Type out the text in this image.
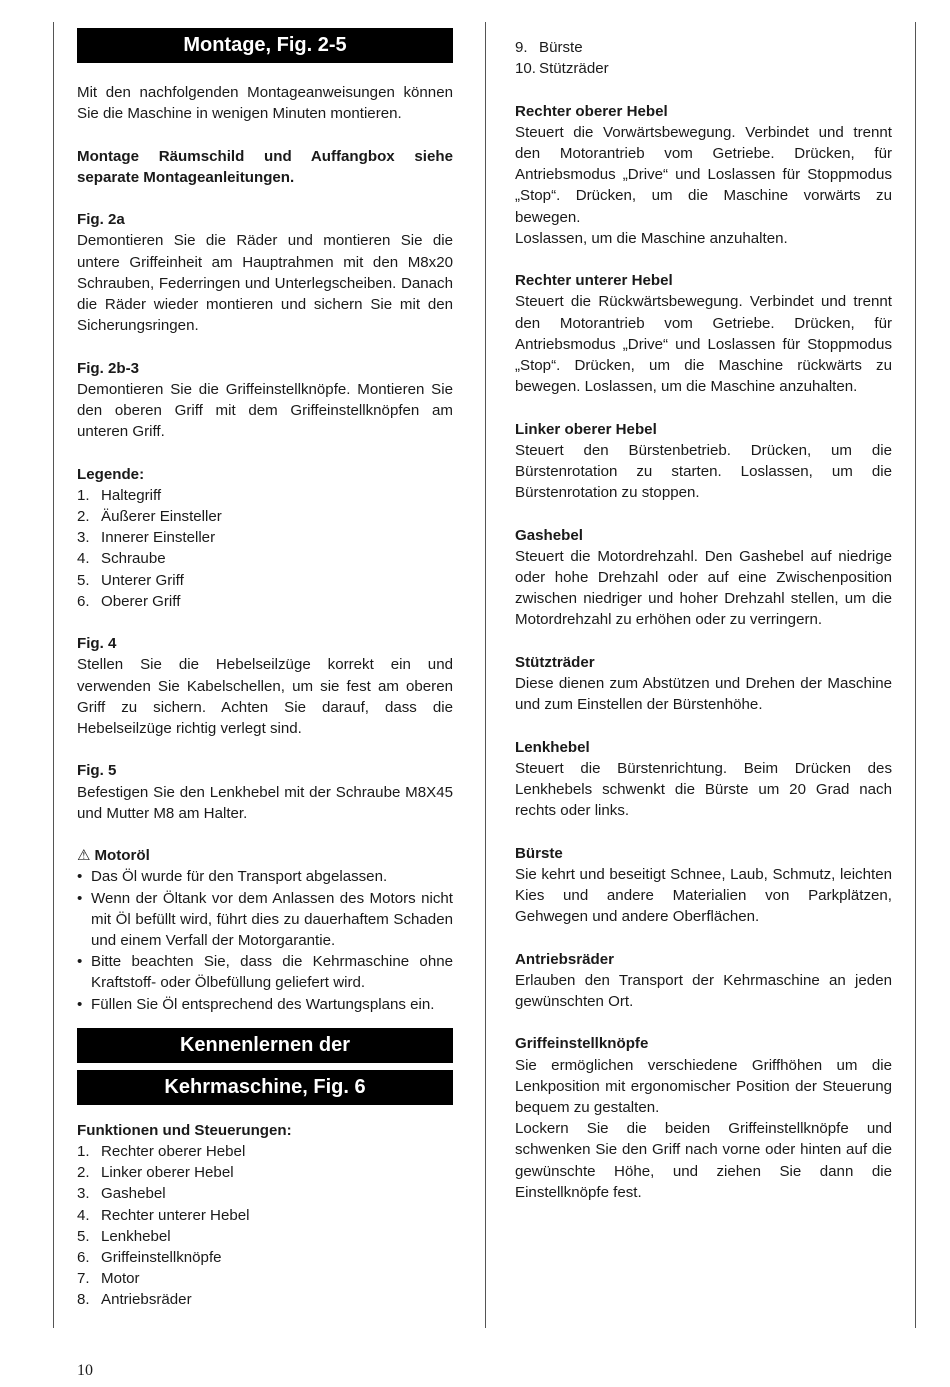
Montage, Fig. 2-5

Mit den nachfolgenden Montageanweisungen können Sie die Maschine in wenigen Minuten montieren.

Montage Räumschild und Auffangbox siehe separate Montageanleitungen.

Fig. 2a

Demontieren Sie die Räder und montieren Sie die untere Griffeinheit am Hauptrahmen mit den M8x20 Schrauben, Federringen und Unterlegscheiben. Danach die Räder wieder montieren und sichern Sie mit den Sicherungsringen.

Fig. 2b-3

Demontieren Sie die Griffeinstellknöpfe. Montieren Sie den oberen Griff mit dem Griffeinstellknöpfen am unteren Griff.

Legende:

1. Haltegriff
2. Äußerer Einsteller
3. Innerer Einsteller
4. Schraube
5. Unterer Griff
6. Oberer Griff

Fig. 4

Stellen Sie die Hebelseilzüge korrekt ein und verwenden Sie Kabelschellen, um sie fest am oberen Griff zu sichern. Achten Sie darauf, dass die Hebelseilzüge richtig verlegt sind.

Fig. 5

Befestigen Sie den Lenkhebel mit der Schraube M8X45 und Mutter M8 am Halter.

⚠ Motoröl

• Das Öl wurde für den Transport abgelassen.
• Wenn der Öltank vor dem Anlassen des Motors nicht mit Öl befüllt wird, führt dies zu dauerhaftem Schaden und einem Verfall der Motorgarantie.
• Bitte beachten Sie, dass die Kehrmaschine ohne Kraftstoff- oder Ölbefüllung geliefert wird.
• Füllen Sie Öl entsprechend des Wartungsplans ein.
Kennenlernen der
Kehrmaschine, Fig. 6

Funktionen und Steuerungen:

1. Rechter oberer Hebel
2. Linker oberer Hebel
3. Gashebel
4. Rechter unterer Hebel
5. Lenkhebel
6. Griffeinstellknöpfe
7. Motor
8. Antriebsräder
9. Bürste
10. Stützräder

Rechter oberer Hebel

Steuert die Vorwärtsbewegung. Verbindet und trennt den Motorantrieb vom Getriebe. Drücken, für Antriebsmodus „Drive“ und Loslassen für Stoppmodus „Stop“. Drücken, um die Maschine vorwärts zu bewegen.

Loslassen, um die Maschine anzuhalten.

Rechter unterer Hebel

Steuert die Rückwärtsbewegung. Verbindet und trennt den Motorantrieb vom Getriebe. Drücken, für Antriebsmodus „Drive“ und Loslassen für Stoppmodus „Stop“. Drücken, um die Maschine rückwärts zu bewegen. Loslassen, um die Maschine anzuhalten.

Linker oberer Hebel

Steuert den Bürstenbetrieb. Drücken, um die Bürstenrotation zu starten. Loslassen, um die Bürstenrotation zu stoppen.

Gashebel

Steuert die Motordrehzahl. Den Gashebel auf niedrige oder hohe Drehzahl oder auf eine Zwischenposition zwischen niedriger und hoher Drehzahl stellen, um die Motordrehzahl zu erhöhen oder zu verringern.

Stützträder

Diese dienen zum Abstützen und Drehen der Maschine und zum Einstellen der Bürstenhöhe.

Lenkhebel

Steuert die Bürstenrichtung. Beim Drücken des Lenkhebels schwenkt die Bürste um 20 Grad nach rechts oder links.

Bürste

Sie kehrt und beseitigt Schnee, Laub, Schmutz, leichten Kies und andere Materialien von Parkplätzen, Gehwegen und andere Oberflächen.

Antriebsräder

Erlauben den Transport der Kehrmaschine an jeden gewünschten Ort.

Griffeinstellknöpfe

Sie ermöglichen verschiedene Griffhöhen um die Lenkposition mit ergonomischer Position der Steuerung bequem zu gestalten.

Lockern Sie die beiden Griffeinstellknöpfe und schwenken Sie den Griff nach vorne oder hinten auf die gewünschte Höhe, und ziehen Sie dann die Einstellknöpfe fest.

10
